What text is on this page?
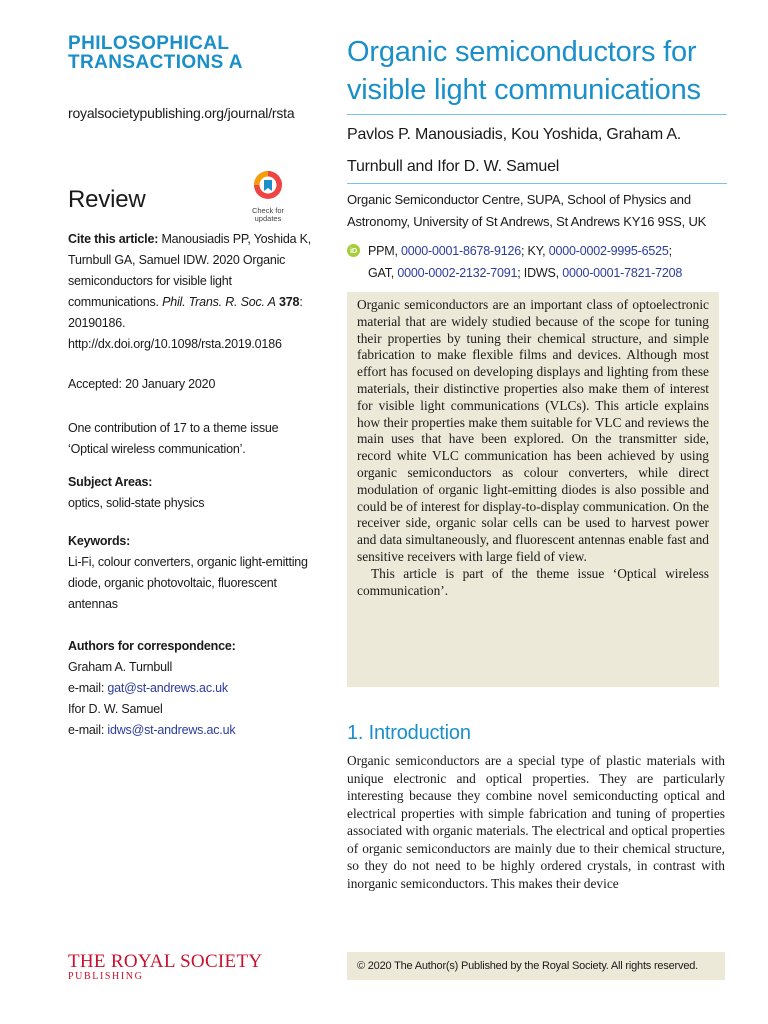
PHILOSOPHICAL
TRANSACTIONS A
royalsocietypublishing.org/journal/rsta
Review	Check for
updates
Cite this article: Manousiadis PP, Yoshida K, Turnbull GA, Samuel IDW. 2020 Organic semiconductors for visible light communications. Phil. Trans. R. Soc. A 378: 20190186.
http://dx.doi.org/10.1098/rsta.2019.0186
Accepted: 20 January 2020
One contribution of 17 to a theme issue ‘Optical wireless communication’.
Subject Areas:
optics, solid-state physics
Keywords:
Li-Fi, colour converters, organic light-emitting diode, organic photovoltaic, fluorescent antennas
Authors for correspondence:
Graham A. Turnbull
e-mail: gat@st-andrews.ac.uk
Ifor D. W. Samuel
e-mail: idws@st-andrews.ac.uk
Organic semiconductors for visible light communications
Pavlos P. Manousiadis, Kou Yoshida, Graham A. Turnbull and Ifor D. W. Samuel
Organic Semiconductor Centre, SUPA, School of Physics and Astronomy, University of St Andrews, St Andrews KY16 9SS, UK
iD PPM, 0000-0001-8678-9126; KY, 0000-0002-9995-6525;
GAT, 0000-0002-2132-7091; IDWS, 0000-0001-7821-7208

Organic semiconductors are an important class of optoelectronic material that are widely studied because of the scope for tuning their properties by tuning their chemical structure, and simple fabrication to make flexible films and devices. Although most effort has focused on developing displays and lighting from these materials, their distinctive properties also make them of interest for visible light communications (VLCs). This article explains how their properties make them suitable for VLC and reviews the main uses that have been explored. On the transmitter side, record white VLC communication has been achieved by using organic semiconductors as colour converters, while direct modulation of organic light-emitting diodes is also possible and could be of interest for display-to-display communication. On the receiver side, organic solar cells can be used to harvest power and data simultaneously, and fluorescent antennas enable fast and sensitive receivers with large field of view.

This article is part of the theme issue ‘Optical wireless communication’.

1. Introduction
Organic semiconductors are a special type of plastic materials with unique electronic and optical properties. They are particularly interesting because they combine novel semiconducting optical and electrical properties with simple fabrication and tuning of properties associated with organic materials. The electrical and optical properties of organic semiconductors are mainly due to their chemical structure, so they do not need to be highly ordered crystals, in contrast with inorganic semiconductors. This makes their device
© 2020 The Author(s) Published by the Royal Society. All rights reserved.
THE ROYAL SOCIETY
PUBLISHING
